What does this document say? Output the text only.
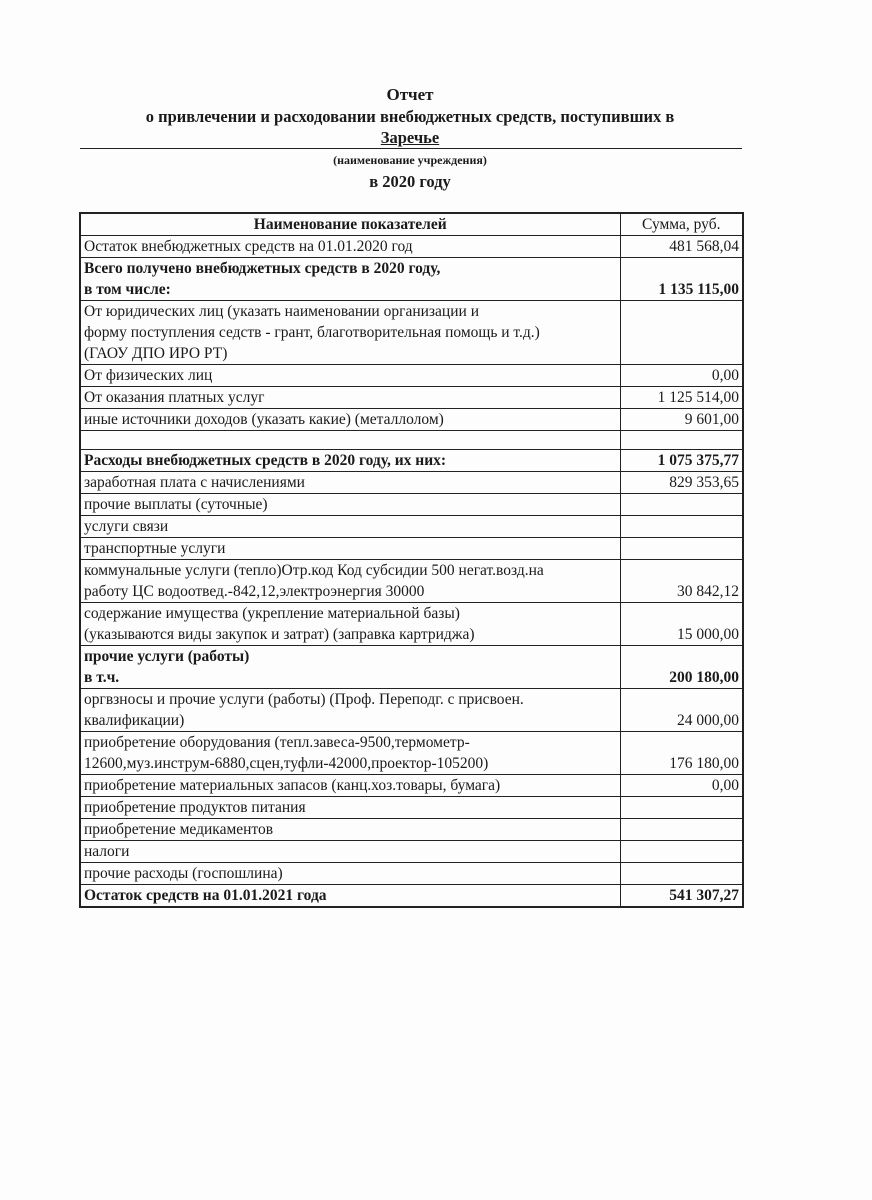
Отчет
о привлечении и расходовании внебюджетных средств, поступивших в
Заречье
(наименование учреждения)
в 2020 году
Наименование показателей	Сумма, руб.
Остаток внебюджетных средств на 01.01.2020 год	481 568,04
Всего получено внебюджетных средств в 2020 году,
в том числе:	1 135 115,00
От юридических лиц (указать наименовании организации и
форму поступления седств - грант, благотворительная помощь и т.д.)
(ГАОУ ДПО ИРО РТ)	
От физических лиц	0,00
От оказания платных услуг	1 125 514,00
иные источники доходов (указать какие) (металлолом)	9 601,00

Расходы внебюджетных средств в 2020 году, их них:	1 075 375,77
заработная плата с начислениями	829 353,65
прочие выплаты (суточные)	
услуги связи	
транспортные услуги	
коммунальные услуги (тепло)Отр.код Код субсидии 500 негат.возд.на
работу ЦС водоотвед.-842,12,электроэнергия 30000	30 842,12
содержание имущества (укрепление материальной базы)
(указываются виды закупок и затрат) (заправка картриджа)	15 000,00
прочие услуги (работы)
в т.ч.	200 180,00
оргвзносы и прочие услуги (работы) (Проф. Переподг. с присвоен.
квалификации)	24 000,00
приобретение оборудования (тепл.завеса-9500,термометр-
12600,муз.инструм-6880,сцен,туфли-42000,проектор-105200)	176 180,00
приобретение материальных запасов (канц.хоз.товары, бумага)	0,00
приобретение продуктов питания	
приобретение медикаментов	
налоги	
прочие расходы (госпошлина)	
Остаток средств на 01.01.2021 года	541 307,27
